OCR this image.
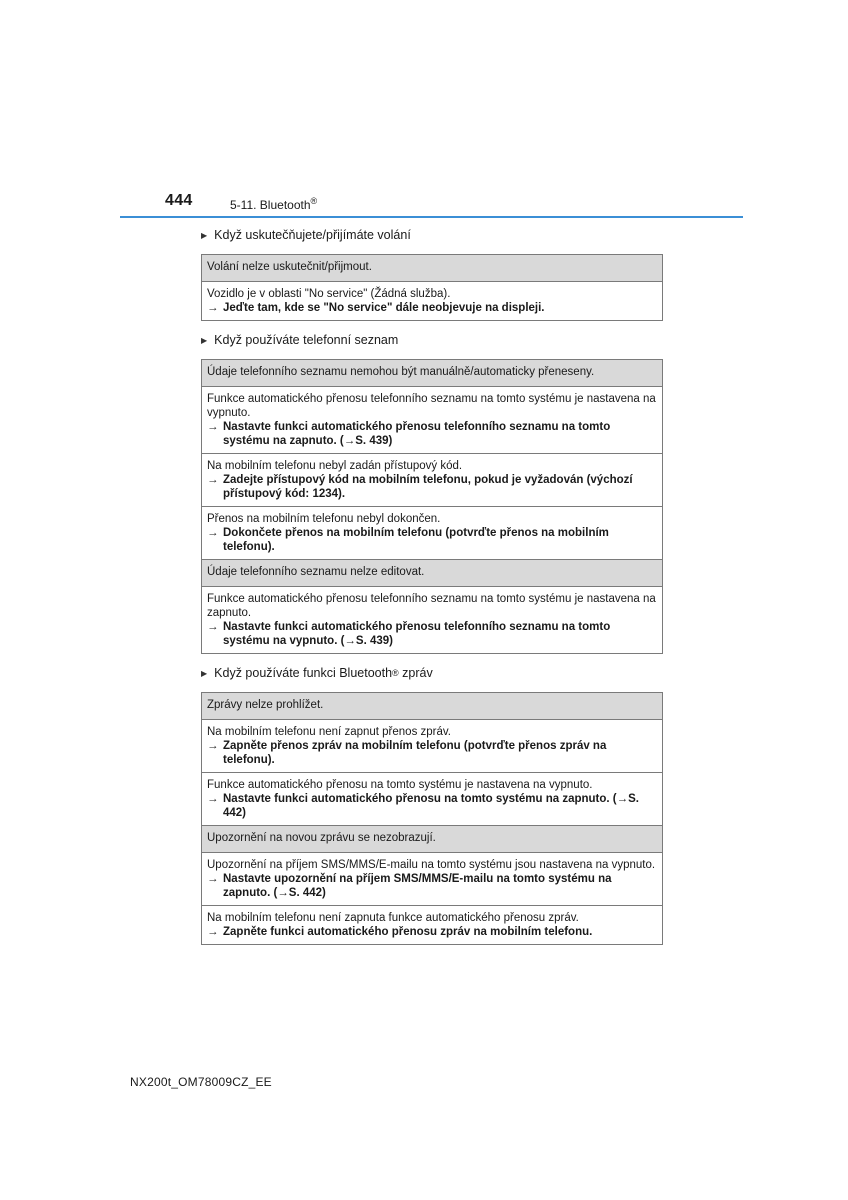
444	5-11. Bluetooth®
▶ Když uskutečňujete/přijímáte volání
Volání nelze uskutečnit/přijmout.

Vozidlo je v oblasti "No service" (Žádná služba).
→ Jeďte tam, kde se "No service" dále neobjevuje na displeji.
▶ Když používáte telefonní seznam
Údaje telefonního seznamu nemohou být manuálně/automaticky přeneseny.

Funkce automatického přenosu telefonního seznamu na tomto systému je nastavena na vypnuto.
→ Nastavte funkci automatického přenosu telefonního seznamu na tomto systému na zapnuto. (→S. 439)

Na mobilním telefonu nebyl zadán přístupový kód.
→ Zadejte přístupový kód na mobilním telefonu, pokud je vyžadován (výchozí přístupový kód: 1234).

Přenos na mobilním telefonu nebyl dokončen.
→ Dokončete přenos na mobilním telefonu (potvrďte přenos na mobilním telefonu).

Údaje telefonního seznamu nelze editovat.

Funkce automatického přenosu telefonního seznamu na tomto systému je nastavena na zapnuto.
→ Nastavte funkci automatického přenosu telefonního seznamu na tomto systému na vypnuto. (→S. 439)
▶ Když používáte funkci Bluetooth ® zpráv
Zprávy nelze prohlížet.

Na mobilním telefonu není zapnut přenos zpráv.
→ Zapněte přenos zpráv na mobilním telefonu (potvrďte přenos zpráv na telefonu).

Funkce automatického přenosu na tomto systému je nastavena na vypnuto.
→ Nastavte funkci automatického přenosu na tomto systému na zapnuto. (→S. 442)

Upozornění na novou zprávu se nezobrazují.

Upozornění na příjem SMS/MMS/E-mailu na tomto systému jsou nastavena na vypnuto.
→ Nastavte upozornění na příjem SMS/MMS/E-mailu na tomto systému na zapnuto. (→S. 442)

Na mobilním telefonu není zapnuta funkce automatického přenosu zpráv.
→ Zapněte funkci automatického přenosu zpráv na mobilním telefonu.
NX200t_OM78009CZ_EE
